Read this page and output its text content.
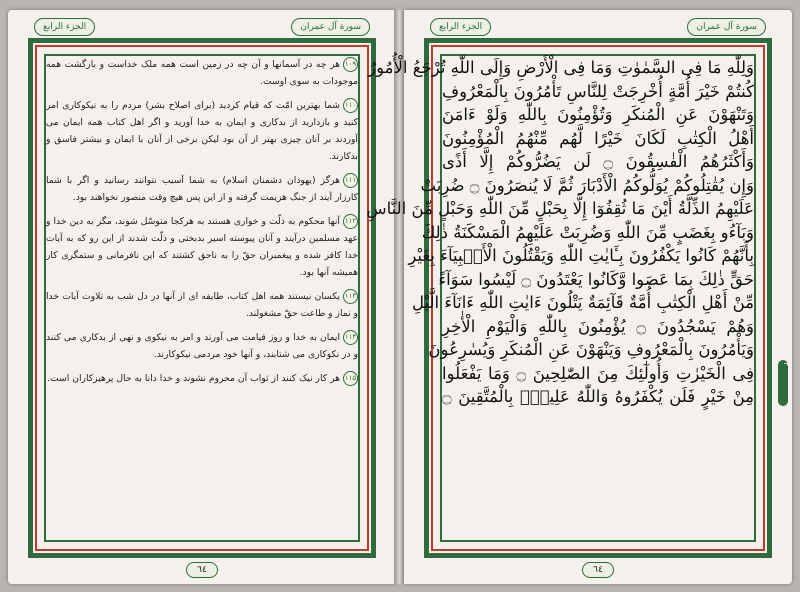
الجزء الرابع	سورة آل عمران

۱۰۹هر چه در آسمانها و آن چه در زمین است همه ملک خداست و بازگشت همه موجودات به سوی اوست.

۱۱۰شما بهترین امّت که قیام کردید (برای اصلاح بشر) مردم را به نیکوکاری امر کنید و بازدارید از بدکاری و ایمان به خدا آورید و اگر اهل کتاب همه ایمان می آوردند بر آنان چیزی بهتر از آن بود لیکن برخی از آنان با ایمان و بیشتر فاسق و بدکارند.

۱۱۱هرگز (یهودان دشمنان اسلام) به شما آسیب نتوانند رسانید و اگر با شما کارزار آیند از جنگ هزیمت گرفته و از این پس هیچ وقت منصور نخواهند بود.

۱۱۲آنها محکوم به ذلّت و خواری هستند به هرکجا متوسّل شوند، مگر به دین خدا و عهد مسلمین درآیند و آنان پیوسته اسیر بدبختی و ذلّت شدند از این رو که به آیات خدا کافر شده و پیغمبران حقّ را به ناحق کشتند که این نافرمانی و ستمگری کار همیشه آنها بود.

۱۱۳یکسان نیستند همه اهل کتاب، طایفه ای از آنها در دل شب به تلاوت آیات خدا و نماز و طاعت حقّ مشغولند.

۱۱۴ایمان به خدا و روز قیامت می آورند و امر به نیکوی و نهی از بدکاری می کنند و در نکوکاری می شتابند، و آنها خود مردمی نیکوکارند.

۱۱۵هر کار نیک کنند از ثواب آن محروم نشوند و خدا دانا به حال پرهیزکاران است.

٦٤
الجزء الرابع	سورة آل عمران
وَلِلّٰهِ مَا فِی السَّمٰوٰتِ وَمَا فِی الْأَرْضِ وَإِلَى اللّٰهِ تُرْجَعُ الْأُمُورُ
كُنتُمْ خَيْرَ أُمَّةٍ أُخْرِجَتْ لِلنَّاسِ تَأْمُرُونَ بِالْمَعْرُوفِ
وَتَنْهَوْنَ عَنِ الْمُنكَرِ وَتُؤْمِنُونَ بِاللّٰهِ وَلَوْ ءَامَنَ
أَهْلُ الْكِتٰبِ لَكَانَ خَيْرًا لَّهُم مِّنْهُمُ الْمُؤْمِنُونَ
وَأَكْثَرُهُمُ الْفٰسِقُونَ ۝ لَن يَضُرُّوكُمْ إِلَّا أَذًى
وَإِن يُقٰتِلُوكُمْ يُوَلُّوكُمُ الْأَدْبَارَ ثُمَّ لَا يُنصَرُونَ ۝ ضُرِبَتْ
عَلَيْهِمُ الذِّلَّةُ أَيْنَ مَا ثُقِفُوٓا إِلَّا بِحَبْلٍ مِّنَ اللّٰهِ وَحَبْلٍ مِّنَ النَّاسِ
وَبَآءُو بِغَضَبٍ مِّنَ اللّٰهِ وَضُرِبَتْ عَلَيْهِمُ الْمَسْكَنَةُ ذٰلِكَ
بِأَنَّهُمْ كَانُوا يَكْفُرُونَ بِـَٔايٰتِ اللّٰهِ وَيَقْتُلُونَ الْأَنۢبِيَآءَ بِغَيْرِ
حَقٍّ ذٰلِكَ بِمَا عَصَوا وَّكَانُوا يَعْتَدُونَ ۝ لَيْسُوا سَوَآءً
مِّنْ أَهْلِ الْكِتٰبِ أُمَّةٌ قَآئِمَةٌ يَتْلُونَ ءَايٰتِ اللّٰهِ ءَانَآءَ الَّيْلِ
وَهُمْ يَسْجُدُونَ ۝ يُؤْمِنُونَ بِاللّٰهِ وَالْيَوْمِ الْأٰخِرِ
وَيَأْمُرُونَ بِالْمَعْرُوفِ وَيَنْهَوْنَ عَنِ الْمُنكَرِ وَيُسٰرِعُونَ
فِی الْخَيْرٰتِ وَأُولٰٓئِكَ مِنَ الصّٰلِحِينَ ۝ وَمَا يَفْعَلُوا
مِنْ خَيْرٍ فَلَن يُكْفَرُوهُ وَاللّٰهُ عَلِيمٌۢ بِالْمُتَّقِينَ ۝
٣
٦٤
